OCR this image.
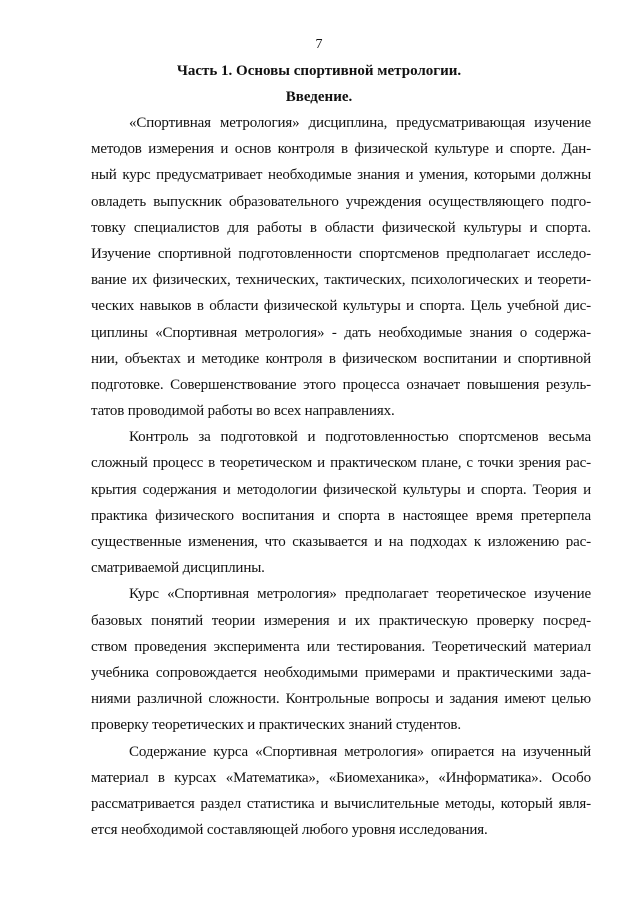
7
Часть 1. Основы спортивной метрологии.
Введение.
«Спортивная метрология» дисциплина, предусматривающая изучение
методов измерения и основ контроля в физической культуре и спорте. Дан-
ный курс предусматривает необходимые знания и умения, которыми должны
овладеть выпускник образовательного учреждения осуществляющего подго-
товку специалистов для работы в области физической культуры и спорта.
Изучение спортивной подготовленности спортсменов предполагает исследо-
вание их физических, технических, тактических, психологических и теорети-
ческих навыков в области физической культуры и спорта. Цель учебной дис-
циплины «Спортивная метрология» - дать необходимые знания о содержа-
нии, объектах и методике контроля в физическом воспитании и спортивной
подготовке. Совершенствование этого процесса означает повышения резуль-
татов проводимой работы во всех направлениях.
Контроль за подготовкой и подготовленностью спортсменов весьма
сложный процесс в теоретическом и практическом плане, с точки зрения рас-
крытия содержания и методологии физической культуры и спорта. Теория и
практика физического воспитания и спорта в настоящее время претерпела
существенные изменения, что сказывается и на подходах к изложению рас-
сматриваемой дисциплины.
Курс «Спортивная метрология» предполагает теоретическое изучение
базовых понятий теории измерения и их практическую проверку посред-
ством проведения эксперимента или тестирования. Теоретический материал
учебника сопровождается необходимыми примерами и практическими зада-
ниями различной сложности. Контрольные вопросы и задания имеют целью
проверку теоретических и практических знаний студентов.
Содержание курса «Спортивная метрология» опирается на изученный
материал в курсах «Математика», «Биомеханика», «Информатика». Особо
рассматривается раздел статистика и вычислительные методы, который явля-
ется необходимой составляющей любого уровня исследования.
